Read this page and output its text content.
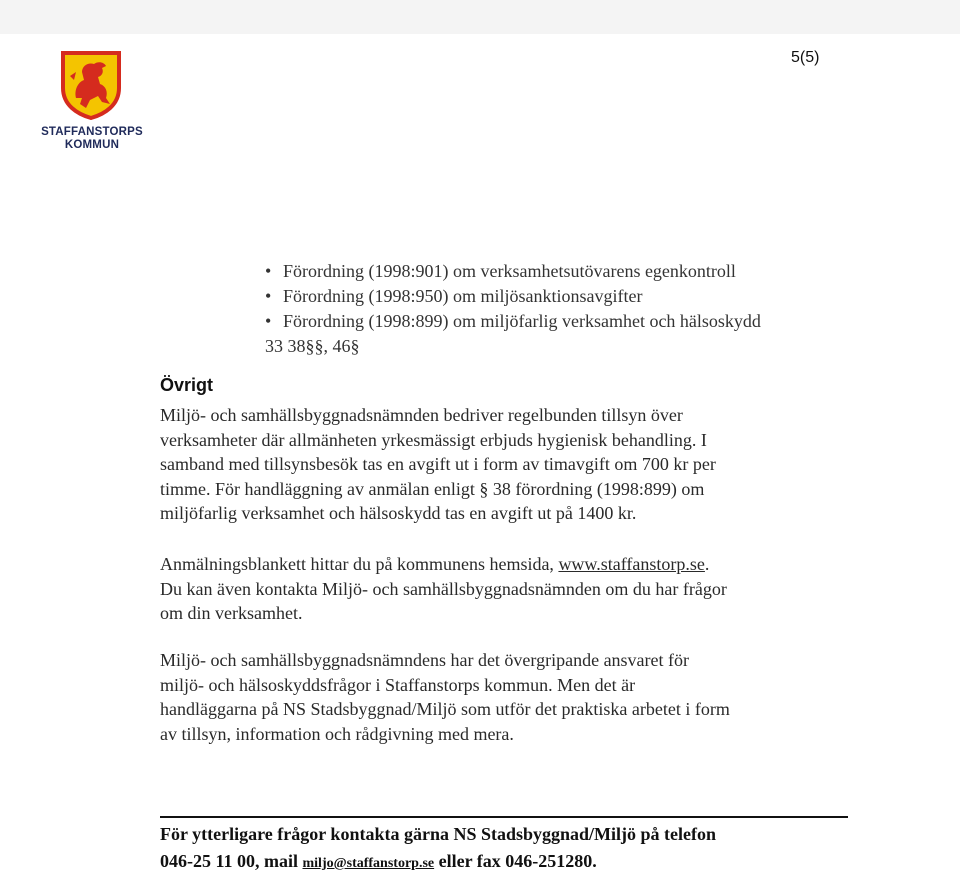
STAFFANSTORPS KOMMUN
5(5)
• Förordning (1998:901) om verksamhetsutövarens egenkontroll
• Förordning (1998:950) om miljösanktionsavgifter
• Förordning (1998:899) om miljöfarlig verksamhet och hälsoskydd
33 38§§, 46§
Övrigt
Miljö- och samhällsbyggnadsnämnden bedriver regelbunden tillsyn över
verksamheter där allmänheten yrkesmässigt erbjuds hygienisk behandling. I
samband med tillsynsbesök tas en avgift ut i form av timavgift om 700 kr per
timme. För handläggning av anmälan enligt § 38 förordning (1998:899) om
miljöfarlig verksamhet och hälsoskydd tas en avgift ut på 1400 kr.
Anmälningsblankett hittar du på kommunens hemsida, www.staffanstorp.se.
Du kan även kontakta Miljö- och samhällsbyggnadsnämnden om du har frågor
om din verksamhet.
Miljö- och samhällsbyggnadsnämndens har det övergripande ansvaret för
miljö- och hälsoskyddsfrågor i Staffanstorps kommun. Men det är
handläggarna på NS Stadsbyggnad/Miljö som utför det praktiska arbetet i form
av tillsyn, information och rådgivning med mera.
För ytterligare frågor kontakta gärna NS Stadsbyggnad/Miljö på telefon
046-25 11 00, mail miljo@staffanstorp.se eller fax 046-251280.
